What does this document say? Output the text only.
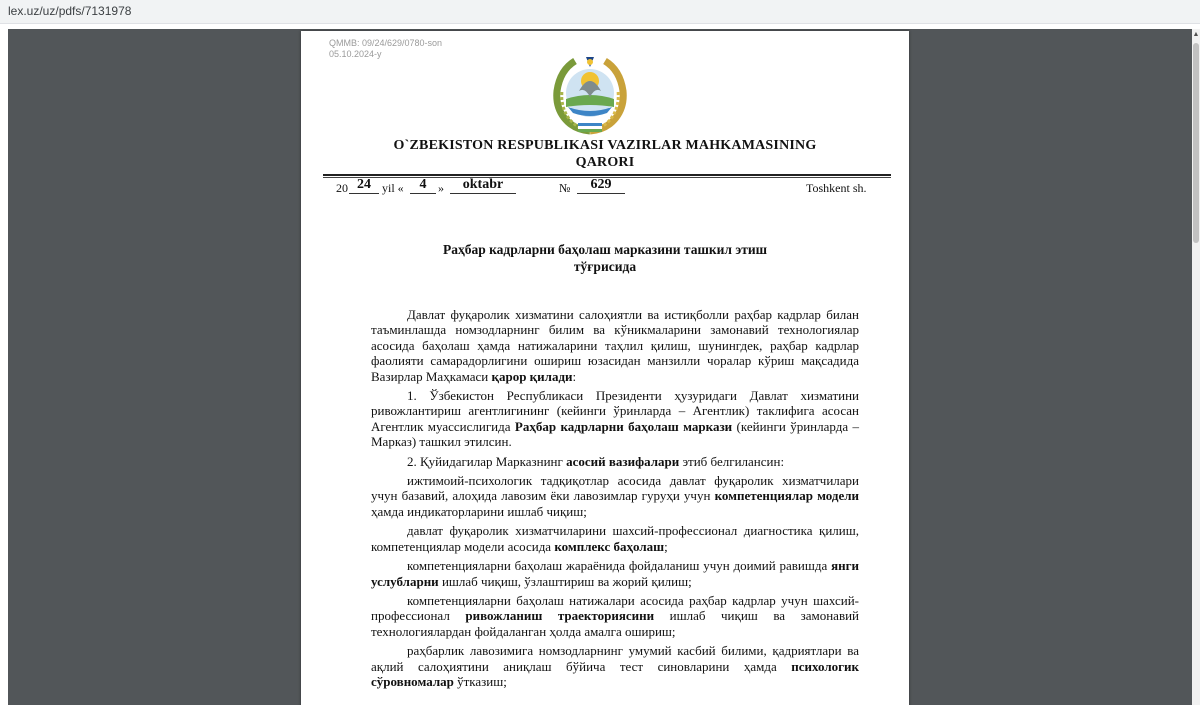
lex.uz/uz/pdfs/7131978
QMMB: 09/24/629/0780-son
05.10.2024-y
O`ZBEKISTON RESPUBLIKASI VAZIRLAR MAHKAMASINING
QARORI
20 24 yil «	4 »	oktabr	№	629	Toshkent sh.
Раҳбар кадрларни баҳолаш марказини ташкил этиш
тўғрисида

Давлат фуқаролик хизматини салоҳиятли ва истиқболли раҳбар кадрлар билан таъминлашда номзодларнинг билим ва кўникмаларини замонавий технологиялар асосида баҳолаш ҳамда натижаларини таҳлил қилиш, шунингдек, раҳбар кадрлар фаолияти самарадорлигини ошириш юзасидан манзилли чоралар кўриш мақсадида Вазирлар Маҳкамаси қарор қилади:

1. Ўзбекистон Республикаси Президенти ҳузуридаги Давлат хизматини ривожлантириш агентлигининг (кейинги ўринларда – Агентлик) таклифига асосан Агентлик муассислигида Раҳбар кадрларни баҳолаш маркази (кейинги ўринларда – Марказ) ташкил этилсин.

2. Қуйидагилар Марказнинг асосий вазифалари этиб белгилансин:

ижтимоий-психологик тадқиқотлар асосида давлат фуқаролик хизматчилари учун базавий, алоҳида лавозим ёки лавозимлар гуруҳи учун компетенциялар модели ҳамда индикаторларини ишлаб чиқиш;

давлат фуқаролик хизматчиларини шахсий-профессионал диагностика қилиш, компетенциялар модели асосида комплекс баҳолаш;

компетенцияларни баҳолаш жараёнида фойдаланиш учун доимий равишда янги услубларни ишлаб чиқиш, ўзлаштириш ва жорий қилиш;

компетенцияларни баҳолаш натижалари асосида раҳбар кадрлар учун шахсий-профессионал ривожланиш траекториясини ишлаб чиқиш ва замонавий технологиялардан фойдаланган ҳолда амалга ошириш;

раҳбарлик лавозимига номзодларнинг умумий касбий билими, қадриятлари ва ақлий салоҳиятини аниқлаш бўйича тест синовларини ҳамда психологик сўровномалар ўтказиш;

▲
